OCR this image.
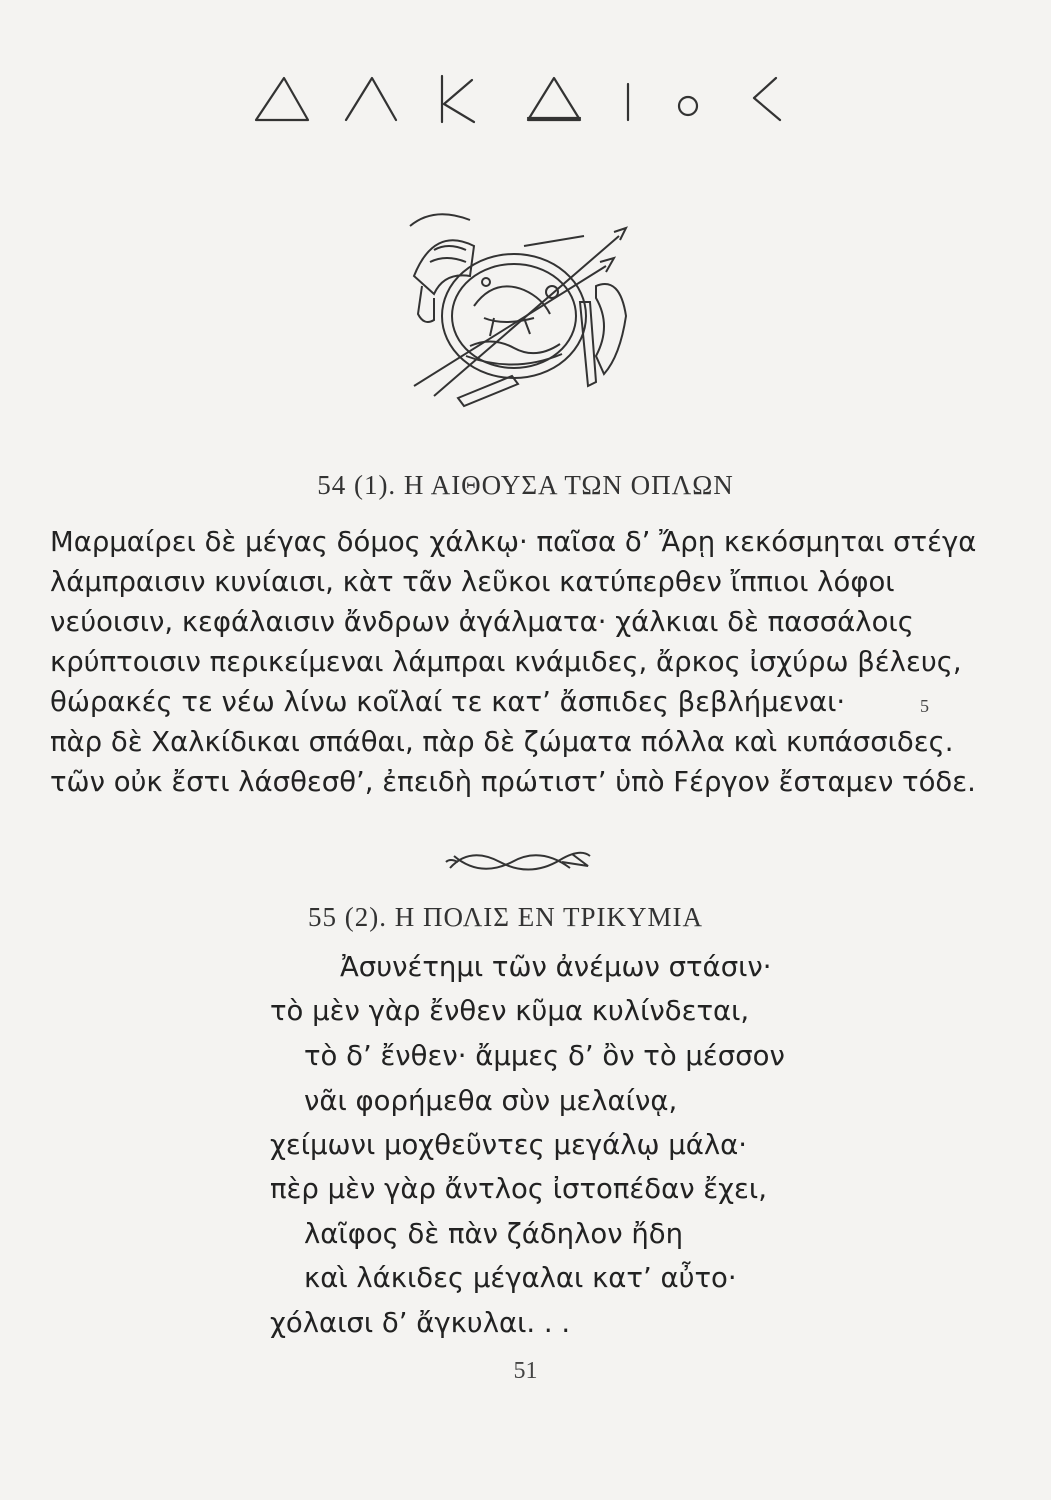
54 (1). Η ΑΙΘΟΥΣΑ ΤΩΝ ΟΠΛΩΝ
Μαρμαίρει δὲ μέγας δόμος χάλκῳ· παῖσα δ’ Ἄρῃ κεκόσμηται στέγα
λάμπραισιν κυνίαισι, κὰτ τᾶν λεῦκοι κατύπερθεν ἴππιοι λόφοι
νεύοισιν, κεφάλαισιν ἄνδρων ἀγάλματα· χάλκιαι δὲ πασσάλοις
κρύπτοισιν περικείμεναι λάμπραι κνάμιδες, ἄρκος ἰσχύρω βέλευς,
θώρακές τε νέω λίνω κοῖλαί τε κατ’ ἄσπιδες βεβλήμεναι·
πὰρ δὲ Χαλκίδικαι σπάθαι, πὰρ δὲ ζώματα πόλλα καὶ κυπάσσιδες.
τῶν οὐκ ἔστι λάσθεσθ’, ἐπειδὴ πρώτιστ’ ὑπὸ Fέργον ἔσταμεν τόδε.
5
55 (2). Η ΠΟΛΙΣ ΕΝ ΤΡΙΚΥΜΙΑ
Ἀσυνέτημι τῶν ἀνέμων στάσιν·
τὸ μὲν γὰρ ἔνθεν κῦμα κυλίνδεται,
τὸ δ’ ἔνθεν· ἄμμες δ’ ὂν τὸ μέσσον
νᾶι φορήμεθα σὺν μελαίνᾳ,
χείμωνι μοχθεῦντες μεγάλῳ μάλα·
πὲρ μὲν γὰρ ἄντλος ἰστοπέδαν ἔχει,
λαῖφος δὲ πὰν ζάδηλον ἤδη
καὶ λάκιδες μέγαλαι κατ’ αὖτο·
χόλαισι δ’ ἄγκυλαι. . .
51
